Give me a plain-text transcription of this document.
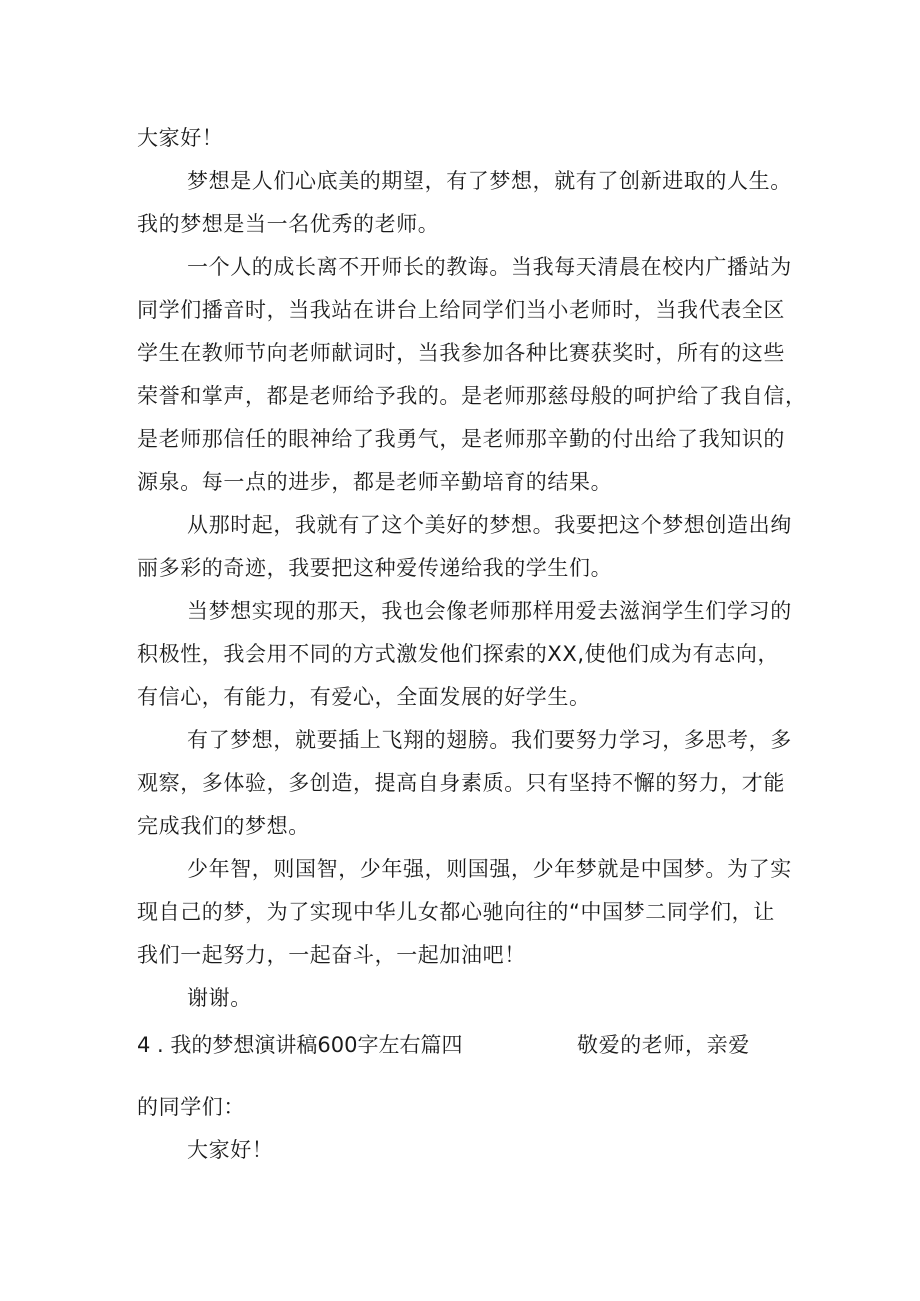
大家好！
梦想是人们心底美的期望，有了梦想，就有了创新进取的人生。
我的梦想是当一名优秀的老师。
一个人的成长离不开师长的教诲。当我每天清晨在校内广播站为
同学们播音时，当我站在讲台上给同学们当小老师时，当我代表全区
学生在教师节向老师献词时，当我参加各种比赛获奖时，所有的这些
荣誉和掌声，都是老师给予我的。是老师那慈母般的呵护给了我自信，
是老师那信任的眼神给了我勇气，是老师那辛勤的付出给了我知识的
源泉。每一点的进步，都是老师辛勤培育的结果。
从那时起，我就有了这个美好的梦想。我要把这个梦想创造出绚
丽多彩的奇迹，我要把这种爱传递给我的学生们。
当梦想实现的那天，我也会像老师那样用爱去滋润学生们学习的
积极性，我会用不同的方式激发他们探索的XX,使他们成为有志向，
有信心，有能力，有爱心，全面发展的好学生。
有了梦想，就要插上飞翔的翅膀。我们要努力学习，多思考，多
观察，多体验，多创造，提高自身素质。只有坚持不懈的努力，才能
完成我们的梦想。
少年智，则国智，少年强，则国强，少年梦就是中国梦。为了实
现自己的梦，为了实现中华儿女都心驰向往的“中国梦二同学们，让
我们一起努力，一起奋斗，一起加油吧！
谢谢。
4 . 我的梦想演讲稿600字左右篇四	敬爱的老师，亲爱
的同学们：
大家好！
